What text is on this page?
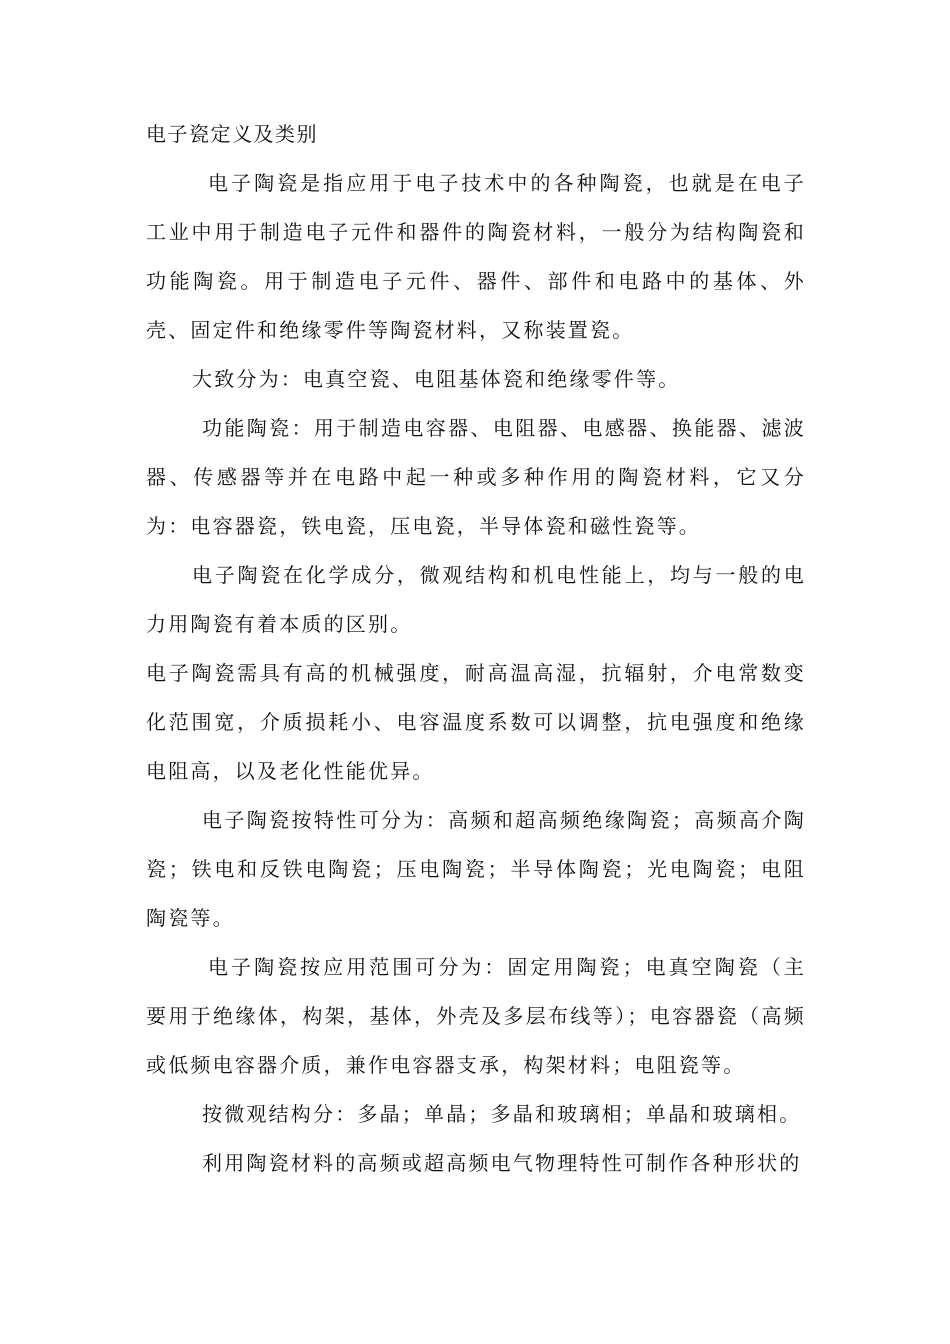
电子瓷定义及类别

电子陶瓷是指应用于电子技术中的各种陶瓷，也就是在电子工业中用于制造电子元件和器件的陶瓷材料，一般分为结构陶瓷和功能陶瓷。用于制造电子元件、器件、部件和电路中的基体、外壳、固定件和绝缘零件等陶瓷材料，又称装置瓷。

大致分为：电真空瓷、电阻基体瓷和绝缘零件等。

功能陶瓷：用于制造电容器、电阻器、电感器、换能器、滤波器、传感器等并在电路中起一种或多种作用的陶瓷材料，它又分为：电容器瓷，铁电瓷，压电瓷，半导体瓷和磁性瓷等。

电子陶瓷在化学成分，微观结构和机电性能上，均与一般的电力用陶瓷有着本质的区别。

电子陶瓷需具有高的机械强度，耐高温高湿，抗辐射，介电常数变化范围宽，介质损耗小、电容温度系数可以调整，抗电强度和绝缘电阻高，以及老化性能优异。

电子陶瓷按特性可分为：高频和超高频绝缘陶瓷；高频高介陶瓷；铁电和反铁电陶瓷；压电陶瓷；半导体陶瓷；光电陶瓷；电阻陶瓷等。

电子陶瓷按应用范围可分为：固定用陶瓷；电真空陶瓷（主要用于绝缘体，构架，基体，外壳及多层布线等）；电容器瓷（高频或低频电容器介质，兼作电容器支承，构架材料；电阻瓷等。

按微观结构分：多晶；单晶；多晶和玻璃相；单晶和玻璃相。

利用陶瓷材料的高频或超高频电气物理特性可制作各种形状的
